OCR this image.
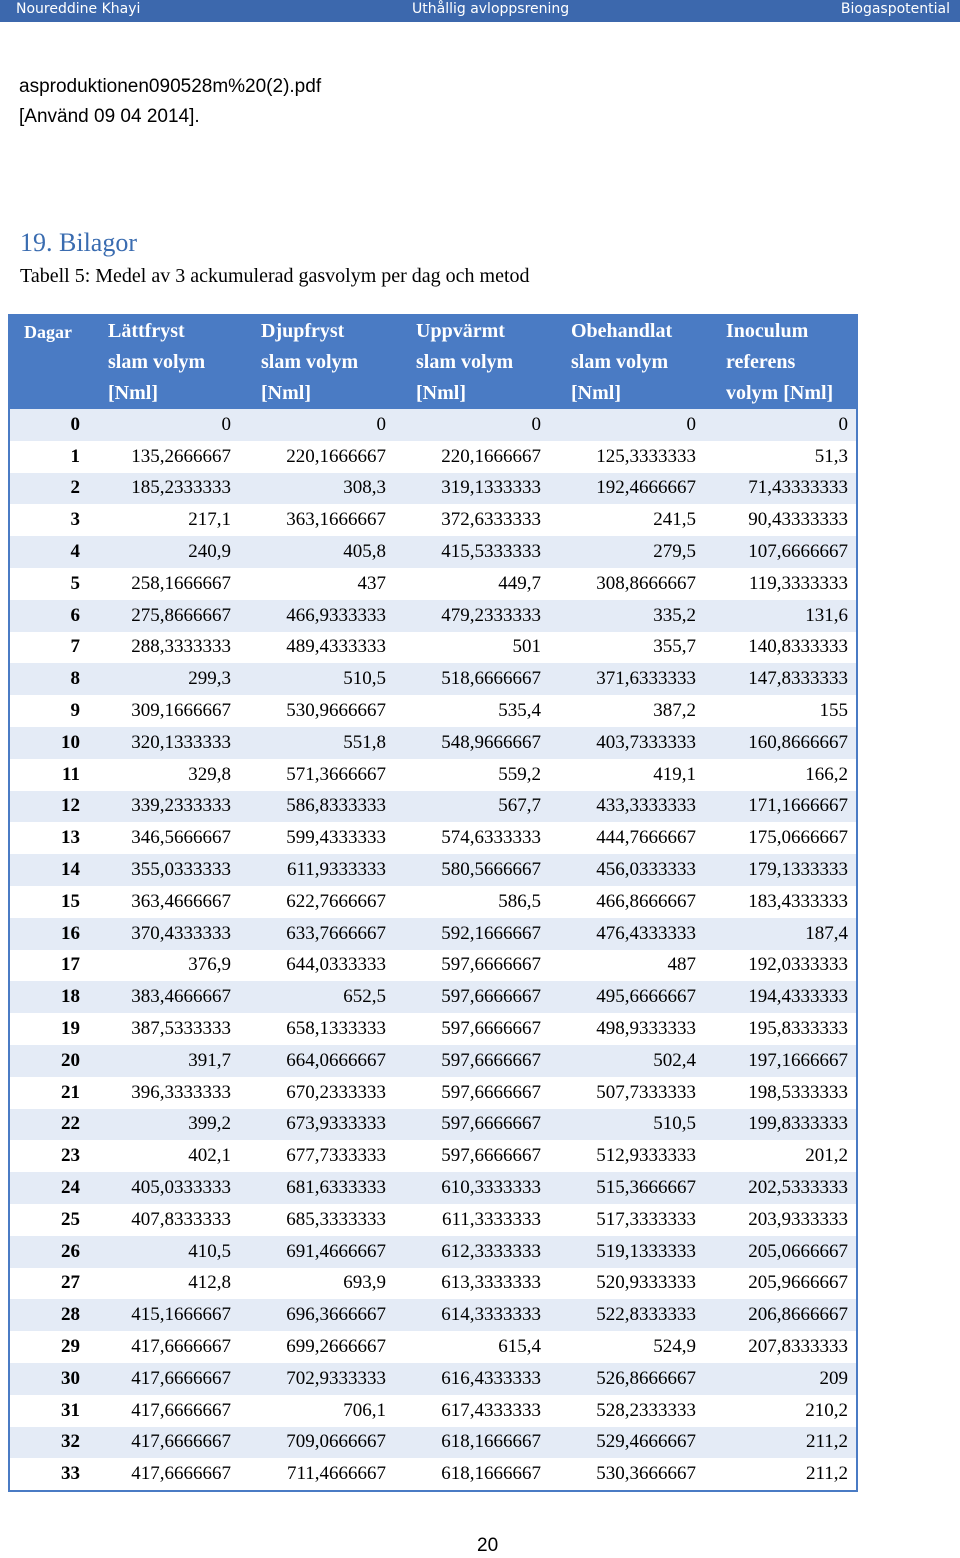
Noureddine Khayi	Uthållig avloppsrening	Biogaspotential
asproduktionen090528m%20(2).pdf
[Använd 09 04 2014].
19. Bilagor
Tabell 5: Medel av 3 ackumulerad gasvolym per dag och metod
Dagar	Lättfryst
slam volym
[Nml]	Djupfryst
slam volym
[Nml]	Uppvärmt
slam volym
[Nml]	Obehandlat
slam volym
[Nml]	Inoculum
referens
volym [Nml]

0	0	0	0	0	0
1	135,2666667	220,1666667	220,1666667	125,3333333	51,3
2	185,2333333	308,3	319,1333333	192,4666667	71,43333333
3	217,1	363,1666667	372,6333333	241,5	90,43333333
4	240,9	405,8	415,5333333	279,5	107,6666667
5	258,1666667	437	449,7	308,8666667	119,3333333
6	275,8666667	466,9333333	479,2333333	335,2	131,6
7	288,3333333	489,4333333	501	355,7	140,8333333
8	299,3	510,5	518,6666667	371,6333333	147,8333333
9	309,1666667	530,9666667	535,4	387,2	155
10	320,1333333	551,8	548,9666667	403,7333333	160,8666667
11	329,8	571,3666667	559,2	419,1	166,2
12	339,2333333	586,8333333	567,7	433,3333333	171,1666667
13	346,5666667	599,4333333	574,6333333	444,7666667	175,0666667
14	355,0333333	611,9333333	580,5666667	456,0333333	179,1333333
15	363,4666667	622,7666667	586,5	466,8666667	183,4333333
16	370,4333333	633,7666667	592,1666667	476,4333333	187,4
17	376,9	644,0333333	597,6666667	487	192,0333333
18	383,4666667	652,5	597,6666667	495,6666667	194,4333333
19	387,5333333	658,1333333	597,6666667	498,9333333	195,8333333
20	391,7	664,0666667	597,6666667	502,4	197,1666667
21	396,3333333	670,2333333	597,6666667	507,7333333	198,5333333
22	399,2	673,9333333	597,6666667	510,5	199,8333333
23	402,1	677,7333333	597,6666667	512,9333333	201,2
24	405,0333333	681,6333333	610,3333333	515,3666667	202,5333333
25	407,8333333	685,3333333	611,3333333	517,3333333	203,9333333
26	410,5	691,4666667	612,3333333	519,1333333	205,0666667
27	412,8	693,9	613,3333333	520,9333333	205,9666667
28	415,1666667	696,3666667	614,3333333	522,8333333	206,8666667
29	417,6666667	699,2666667	615,4	524,9	207,8333333
30	417,6666667	702,9333333	616,4333333	526,8666667	209
31	417,6666667	706,1	617,4333333	528,2333333	210,2
32	417,6666667	709,0666667	618,1666667	529,4666667	211,2
33	417,6666667	711,4666667	618,1666667	530,3666667	211,2
20
